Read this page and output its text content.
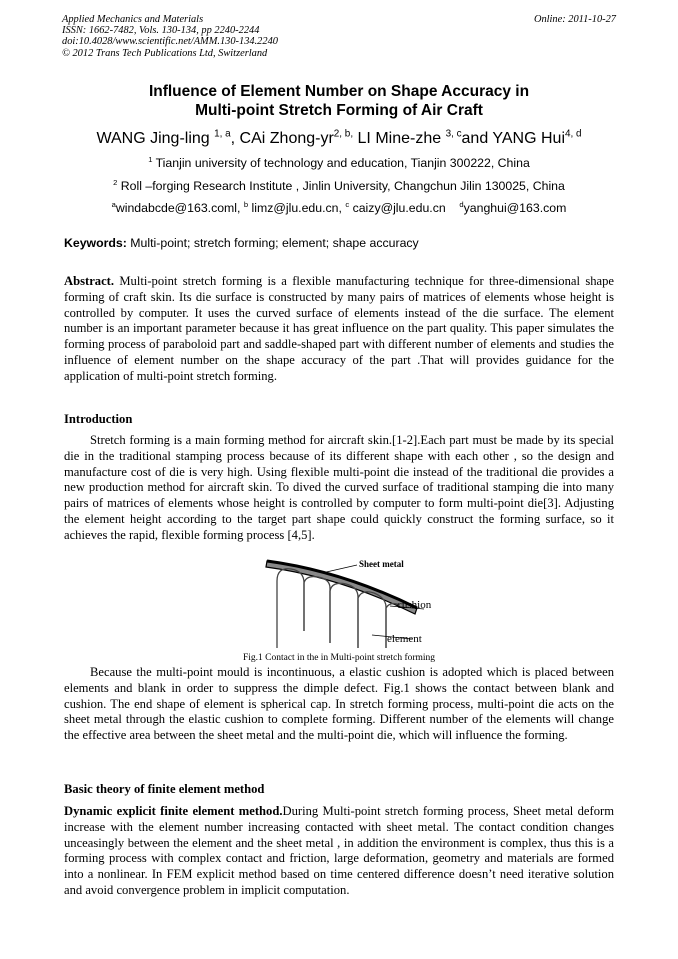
Applied Mechanics and Materials
ISSN: 1662-7482, Vols. 130-134, pp 2240-2244
doi:10.4028/www.scientific.net/AMM.130-134.2240
© 2012 Trans Tech Publications Ltd, Switzerland
Online: 2011-10-27
Influence of Element Number on Shape Accuracy in
Multi-point Stretch Forming of Air Craft
WANG Jing-ling $^{1, a}$, CAi Zhong-$yr^{2, b,}$ LI Mine-zhe $^{3, c}$and YANG Hui$^{4, d}$
$^1$ Tianjin university of technology and education, Tianjin 300222, China
$^2$ Roll –forging Research Institute , Jinlin University, Changchun Jilin 130025, China
$^a$windabcde@163.coml, $^b$ limz@jlu.edu.cn, $^c$ caizy@jlu.edu.cn    $^d$yanghui@163.com
Keywords: Multi-point; stretch forming; element; shape accuracy
Abstract. Multi-point stretch forming is a flexible manufacturing technique for three-dimensional shape forming of craft skin. Its die surface is constructed by many pairs of matrices of elements whose height is controlled by computer. It uses the curved surface of elements instead of the die surface. The element number is an important parameter because it has great influence on the part quality. This paper simulates the forming process of paraboloid part and saddle-shaped part with different number of elements and studies the influence of element number on the shape accuracy of the part .That will provides guidance for the application of multi-point stretch forming.
Introduction
Stretch forming is a main forming method for aircraft skin.[1-2].Each part must be made by its special die in the traditional stamping process because of its different shape with each other , so the design and manufacture cost of die is very high. Using flexible multi-point die instead of the traditional die provides a new production method for aircraft skin. To dived the curved surface of traditional stamping die into many pairs of matrices of elements whose height is controlled by computer to form multi-point die[3]. Adjusting the element height according to the target part shape could quickly construct the forming surface, so it achieves the rapid, flexible forming process [4,5].
Sheet metal
cushion
element
Fig.1 Contact in the in Multi-point stretch forming
Because the multi-point mould is incontinuous, a elastic cushion is adopted which is placed between elements and blank in order to suppress the dimple defect. Fig.1 shows the contact between blank and cushion. The end shape of element is spherical cap. In stretch forming process, multi-point die acts on the sheet metal through the elastic cushion to complete forming. Different number of the elements will change the effective area between the sheet metal and the multi-point die, which will influence the forming.
Basic theory of finite element method
Dynamic explicit finite element method.During Multi-point stretch forming process, Sheet metal deform increase with the element number increasing contacted with sheet metal. The contact condition changes unceasingly between the element and the sheet metal , in addition the environment is complex, thus this is a forming process with complex contact and friction, large deformation, geometry and materials are formed into a nonlinear. In FEM explicit method based on time centered difference doesn’t need iterative solution and avoid convergence problem in implicit computation.
